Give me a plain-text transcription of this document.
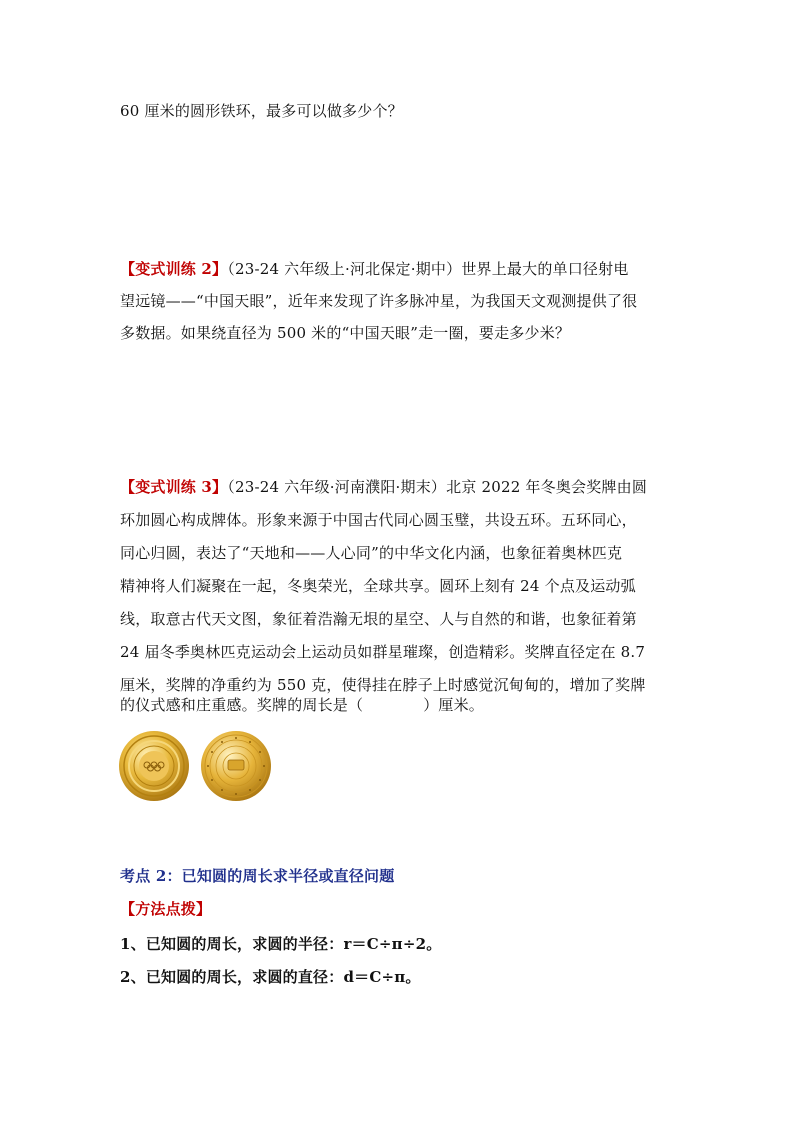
60 厘米的圆形铁环，最多可以做多少个？
【变式训练 2】（23-24 六年级上·河北保定·期中）世界上最大的单口径射电
望远镜——“中国天眼”，近年来发现了许多脉冲星，为我国天文观测提供了很
多数据。如果绕直径为 500 米的“中国天眼”走一圈，要走多少米？
【变式训练 3】（23-24 六年级·河南濮阳·期末）北京 2022 年冬奥会奖牌由圆
环加圆心构成牌体。形象来源于中国古代同心圆玉璧，共设五环。五环同心，
同心归圆，表达了“天地和——人心同”的中华文化内涵，也象征着奥林匹克
精神将人们凝聚在一起，冬奥荣光，全球共享。圆环上刻有 24 个点及运动弧
线，取意古代天文图，象征着浩瀚无垠的星空、人与自然的和谐，也象征着第
24 届冬季奥林匹克运动会上运动员如群星璀璨，创造精彩。奖牌直径定在 8.7
厘米，奖牌的净重约为 550 克，使得挂在脖子上时感觉沉甸甸的，增加了奖牌
的仪式感和庄重感。奖牌的周长是（	）厘米。
考点 2：已知圆的周长求半径或直径问题
【方法点拨】
1、已知圆的周长，求圆的半径：r＝C÷π÷2。
2、已知圆的周长，求圆的直径：d＝C÷π。
